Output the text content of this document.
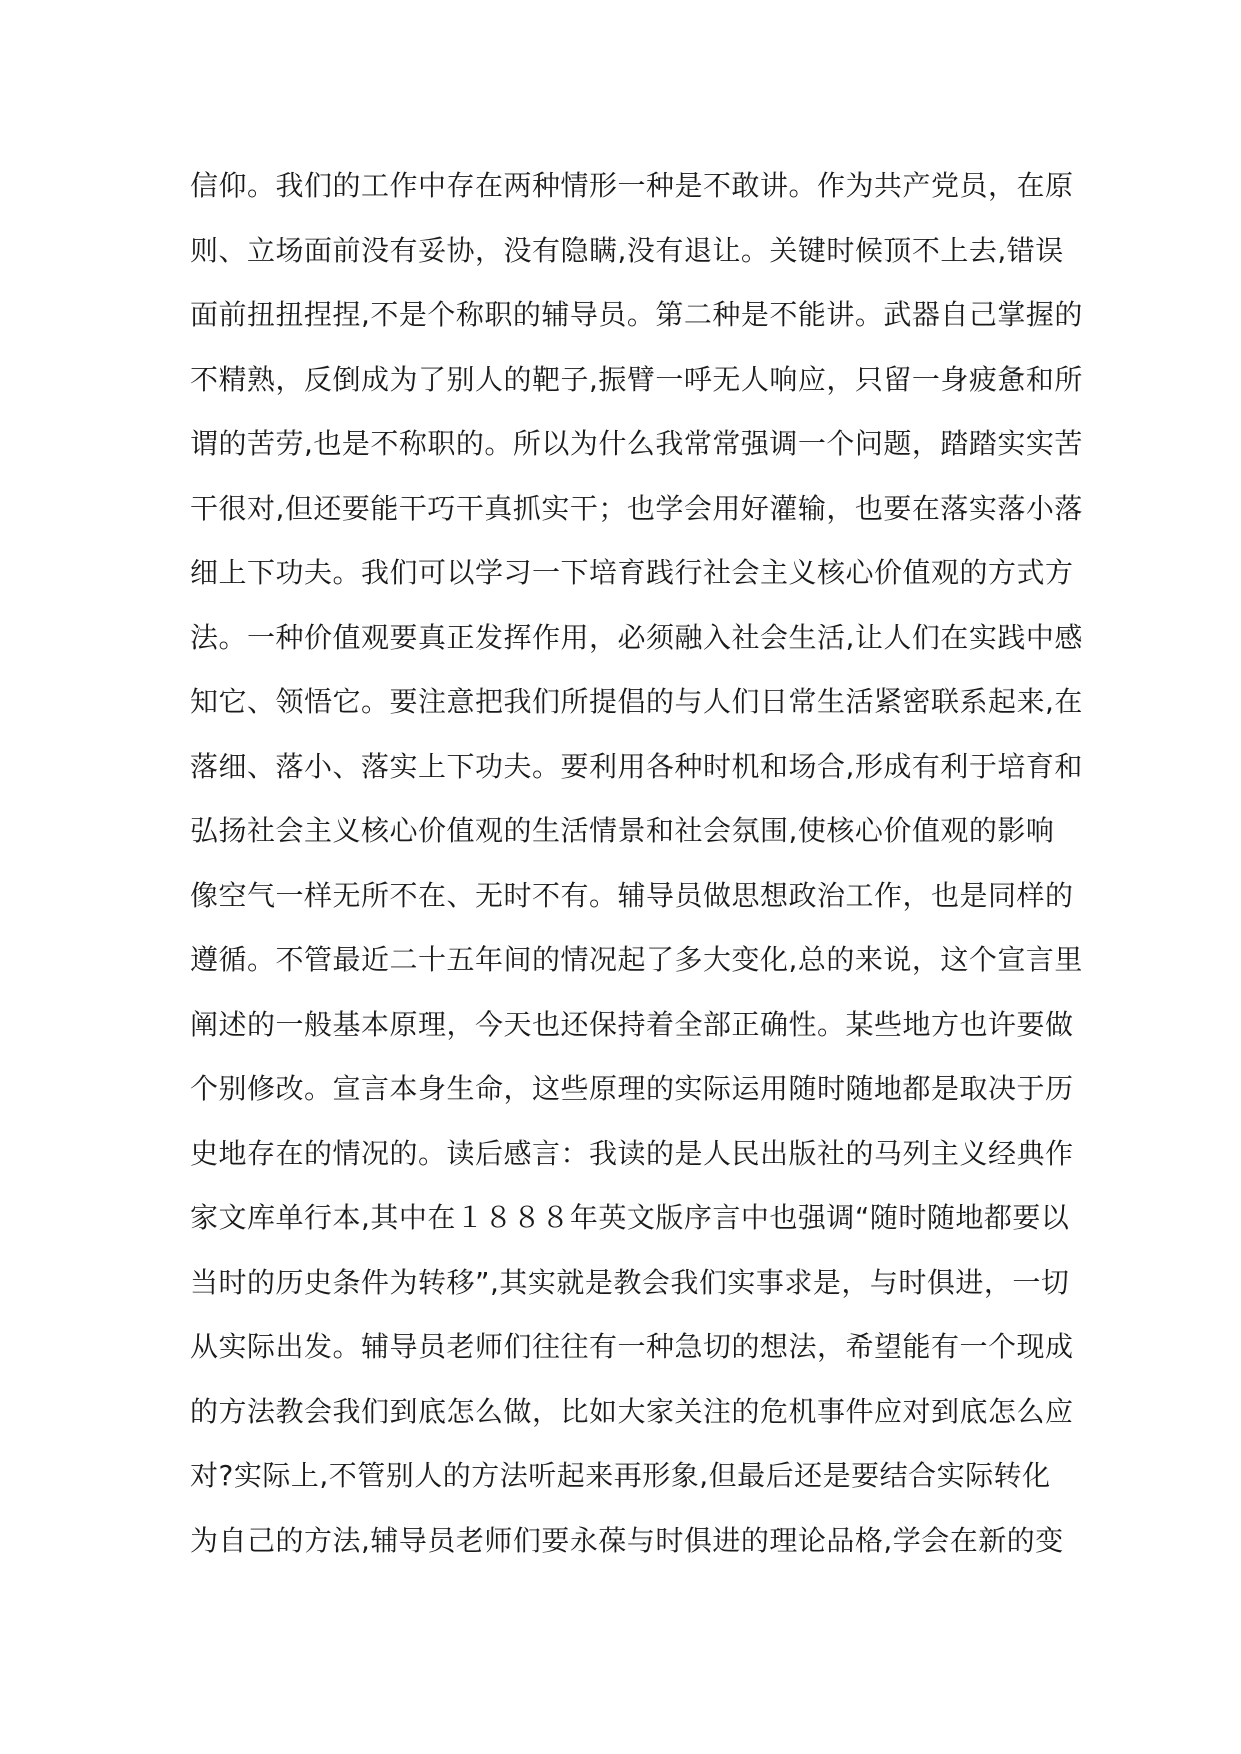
信仰。我们的工作中存在两种情形一种是不敢讲。作为共产党员，在原
则、立场面前没有妥协，没有隐瞒,没有退让。关键时候顶不上去,错误
面前扭扭捏捏,不是个称职的辅导员。第二种是不能讲。武器自己掌握的
不精熟，反倒成为了别人的靶子,振臂一呼无人响应，只留一身疲惫和所
谓的苦劳,也是不称职的。所以为什么我常常强调一个问题，踏踏实实苦
干很对,但还要能干巧干真抓实干；也学会用好灌输，也要在落实落小落
细上下功夫。我们可以学习一下培育践行社会主义核心价值观的方式方
法。一种价值观要真正发挥作用，必须融入社会生活,让人们在实践中感
知它、领悟它。要注意把我们所提倡的与人们日常生活紧密联系起来,在
落细、落小、落实上下功夫。要利用各种时机和场合,形成有利于培育和
弘扬社会主义核心价值观的生活情景和社会氛围,使核心价值观的影响
像空气一样无所不在、无时不有。辅导员做思想政治工作，也是同样的
遵循。不管最近二十五年间的情况起了多大变化,总的来说，这个宣言里
阐述的一般基本原理，今天也还保持着全部正确性。某些地方也许要做
个别修改。宣言本身生命，这些原理的实际运用随时随地都是取决于历
史地存在的情况的。读后感言：我读的是人民出版社的马列主义经典作
家文库单行本,其中在１８８８年英文版序言中也强调“随时随地都要以
当时的历史条件为转移”,其实就是教会我们实事求是，与时俱进，一切
从实际出发。辅导员老师们往往有一种急切的想法，希望能有一个现成
的方法教会我们到底怎么做，比如大家关注的危机事件应对到底怎么应
对?实际上,不管别人的方法听起来再形象,但最后还是要结合实际转化
为自己的方法,辅导员老师们要永葆与时俱进的理论品格,学会在新的变
